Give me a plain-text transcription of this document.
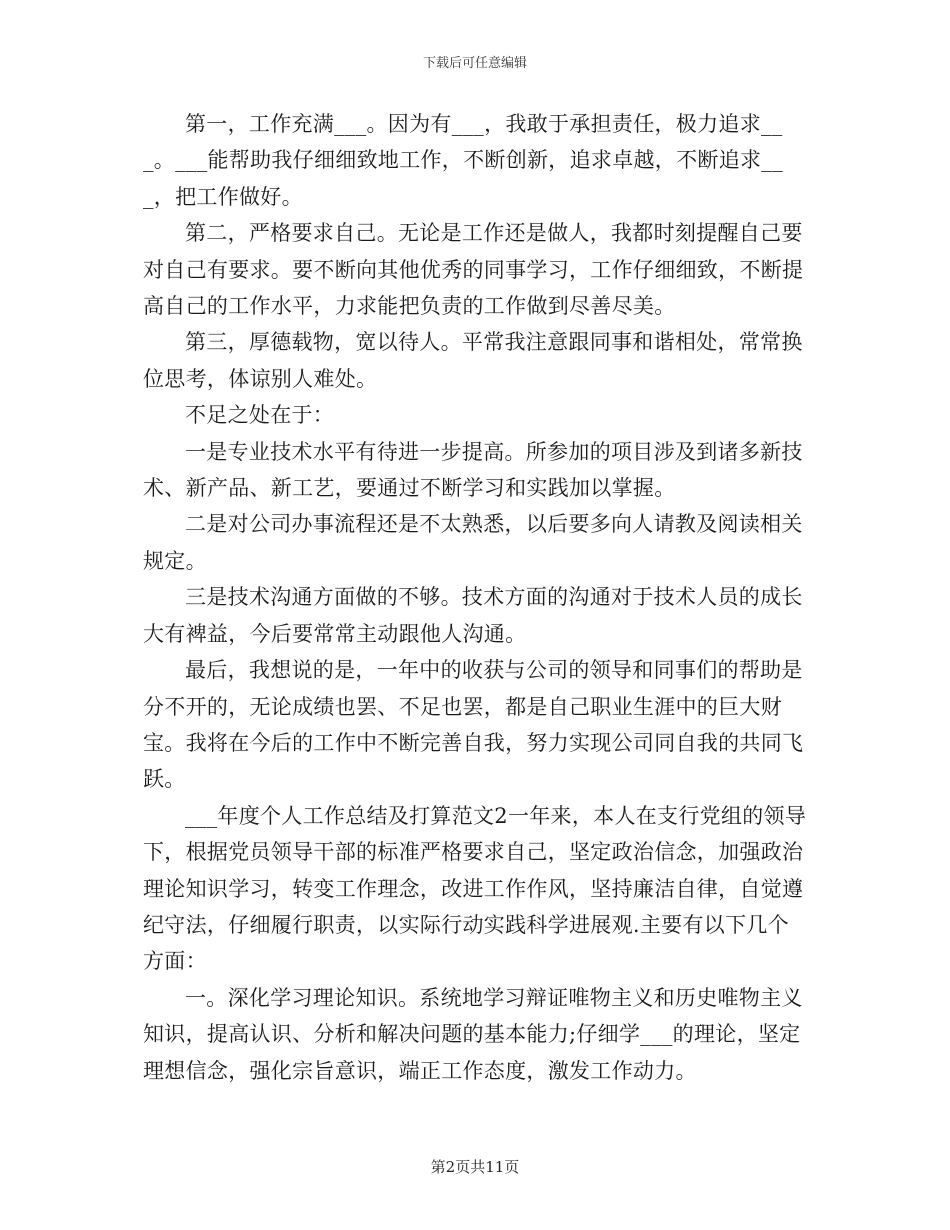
下载后可任意编辑

第一，工作充满___。因为有___，我敢于承担责任，极力追求___。___能帮助我仔细细致地工作，不断创新，追求卓越，不断追求___，把工作做好。

第二，严格要求自己。无论是工作还是做人，我都时刻提醒自己要对自己有要求。要不断向其他优秀的同事学习，工作仔细细致，不断提高自己的工作水平，力求能把负责的工作做到尽善尽美。

第三，厚德载物，宽以待人。平常我注意跟同事和谐相处，常常换位思考，体谅别人难处。

不足之处在于：

一是专业技术水平有待进一步提高。所参加的项目涉及到诸多新技术、新产品、新工艺，要通过不断学习和实践加以掌握。

二是对公司办事流程还是不太熟悉，以后要多向人请教及阅读相关规定。

三是技术沟通方面做的不够。技术方面的沟通对于技术人员的成长大有裨益，今后要常常主动跟他人沟通。

最后，我想说的是，一年中的收获与公司的领导和同事们的帮助是分不开的，无论成绩也罢、不足也罢，都是自己职业生涯中的巨大财宝。我将在今后的工作中不断完善自我，努力实现公司同自我的共同飞跃。

___年度个人工作总结及打算范文2一年来，本人在支行党组的领导下，根据党员领导干部的标准严格要求自己，坚定政治信念，加强政治理论知识学习，转变工作理念，改进工作作风，坚持廉洁自律，自觉遵纪守法，仔细履行职责，以实际行动实践科学进展观.主要有以下几个方面：

一。深化学习理论知识。系统地学习辩证唯物主义和历史唯物主义知识，提高认识、分析和解决问题的基本能力;仔细学___的理论，坚定理想信念，强化宗旨意识，端正工作态度，激发工作动力。

第2页共11页
